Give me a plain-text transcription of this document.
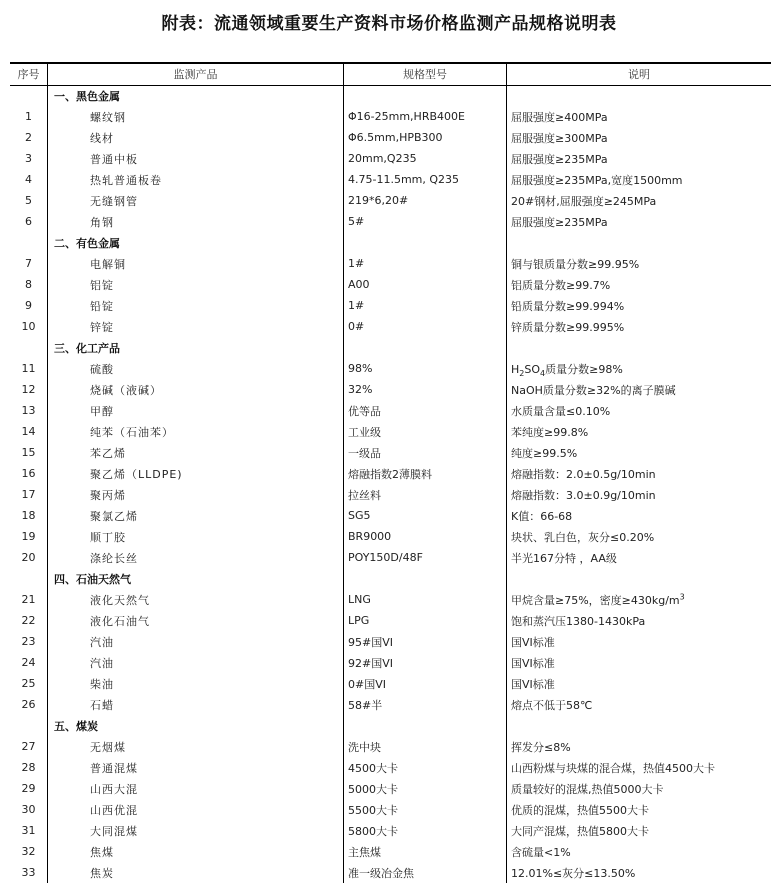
附表：流通领域重要生产资料市场价格监测产品规格说明表
序号	监测产品	规格型号	说明
	一、黑色金属		
1	螺纹钢	Φ16-25mm,HRB400E	屈服强度≥400MPa
2	线材	Φ6.5mm,HPB300	屈服强度≥300MPa
3	普通中板	20mm,Q235	屈服强度≥235MPa
4	热轧普通板卷	4.75-11.5mm, Q235	屈服强度≥235MPa,宽度1500mm
5	无缝钢管	219*6,20#	20#钢材,屈服强度≥245MPa
6	角钢	5#	屈服强度≥235MPa
	二、有色金属		
7	电解铜	1#	铜与银质量分数≥99.95%
8	铝锭	A00	铝质量分数≥99.7%
9	铅锭	1#	铅质量分数≥99.994%
10	锌锭	0#	锌质量分数≥99.995%
	三、化工产品		
11	硫酸	98%	$H_2SO_4$质量分数≥98%
12	烧碱（液碱）	32%	NaOH质量分数≥32%的离子膜碱
13	甲醇	优等品	水质量含量≤0.10%
14	纯苯（石油苯）	工业级	苯纯度≥99.8%
15	苯乙烯	一级品	纯度≥99.5%
16	聚乙烯（LLDPE)	熔融指数2薄膜料	熔融指数：2.0±0.5g/10min
17	聚丙烯	拉丝料	熔融指数：3.0±0.9g/10min
18	聚氯乙烯	SG5	K值：66-68
19	顺丁胶	BR9000	块状、乳白色，灰分≤0.20%
20	涤纶长丝	POY150D/48F	半光167分特 ，AA级
	四、石油天然气		
21	液化天然气	LNG	甲烷含量≥75%，密度$\ge 430kg/m^3$
22	液化石油气	LPG	饱和蒸汽压1380-1430kPa
23	汽油	95#国VI	国VI标准
24	汽油	92#国VI	国VI标准
25	柴油	0#国VI	国VI标准
26	石蜡	58#半	熔点不低于58℃
	五、煤炭		
27	无烟煤	洗中块	挥发分≤8%
28	普通混煤	4500大卡	山西粉煤与块煤的混合煤，热值4500大卡
29	山西大混	5000大卡	质量较好的混煤,热值5000大卡
30	山西优混	5500大卡	优质的混煤，热值5500大卡
31	大同混煤	5800大卡	大同产混煤，热值5800大卡
32	焦煤	主焦煤	含硫量<1%
33	焦炭	准一级冶金焦	12.01%≤灰分≤13.50%
